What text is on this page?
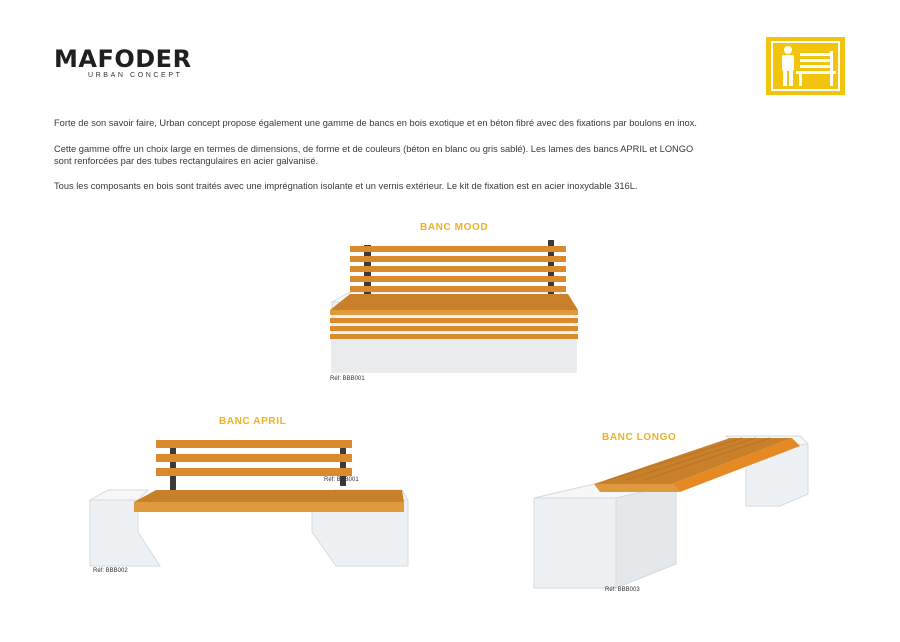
MAFODER
URBAN CONCEPT
Forte de son savoir faire, Urban concept propose également une gamme de bancs en bois exotique et en béton fibré avec des fixations par boulons en inox.
Cette gamme offre un choix large en termes de dimensions, de forme et de couleurs (béton en blanc ou gris sablé). Les lames des bancs APRIL et LONGO
sont renforcées par des tubes rectangulaires en acier galvanisé.
Tous les composants en bois sont traités avec une imprégnation isolante et un vernis extérieur. Le kit de fixation est en acier inoxydable 316L.
BANC MOOD
Réf: BBB001
BANC APRIL
Réf: BBB001
Réf: BBB002
BANC LONGO
Réf: BBB003
